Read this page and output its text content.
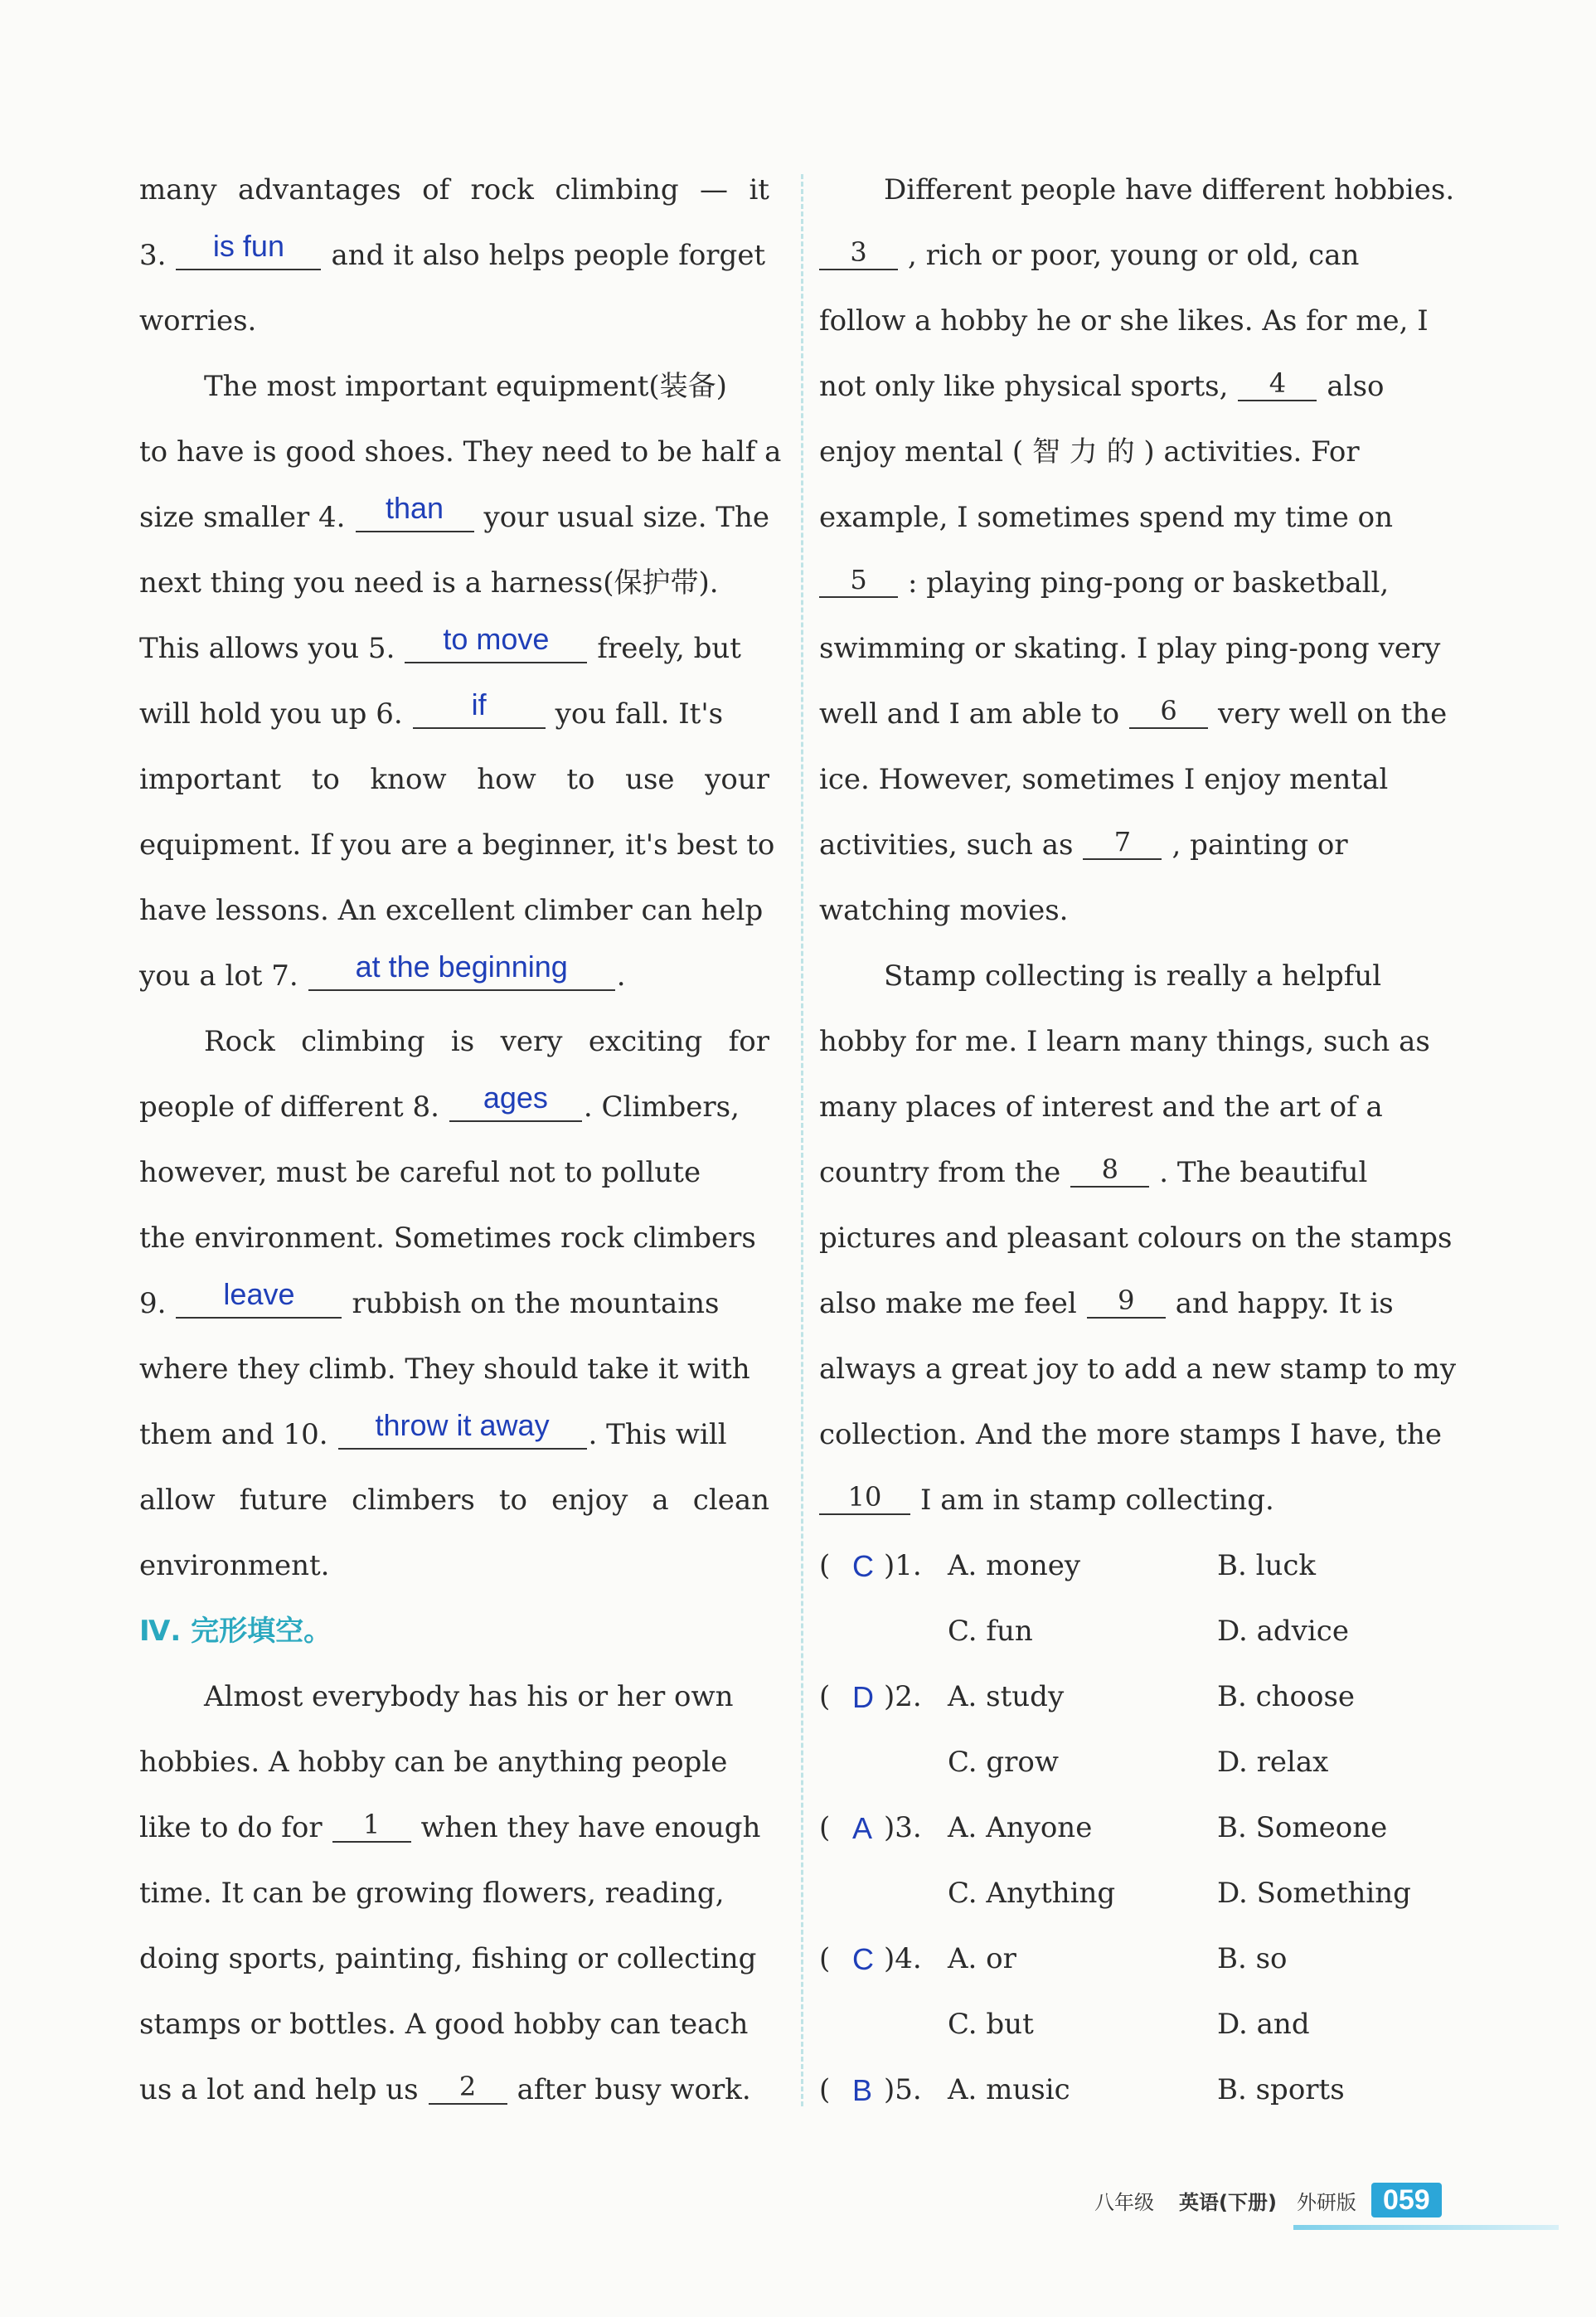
many advantages of rock climbing — it
3.	is fun	and it also helps people forget
worries.
The most important equipment(装备)
to have is good shoes. They need to be half a
size smaller 4.	than	your usual size. The
next thing you need is a harness(保护带).
This allows you 5.	to move	freely, but
will hold you up 6.	if	you fall. It's
important to know how to use your
equipment. If you are a beginner, it's best to
have lessons. An excellent climber can help
you a lot 7.	at the beginning	.
Rock climbing is very exciting for
people of different 8.	ages	. Climbers,
however, must be careful not to pollute
the environment. Sometimes rock climbers
9.	leave	rubbish on the mountains
where they climb. They should take it with
them and 10.	throw it away	. This will
allow future climbers to enjoy a clean
environment.
Ⅳ. 完形填空。
Almost everybody has his or her own
hobbies. A hobby can be anything people
like to do for	1	when they have enough
time. It can be growing flowers, reading,
doing sports, painting, fishing or collecting
stamps or bottles. A good hobby can teach
us a lot and help us	2	after busy work.
Different people have different hobbies.
3	, rich or poor, young or old, can
follow a hobby he or she likes. As for me, I
not only like physical sports,	4	also
enjoy mental ( 智 力 的 ) activities. For
example, I sometimes spend my time on
5	: playing ping-pong or basketball,
swimming or skating. I play ping-pong very
well and I am able to	6	very well on the
ice. However, sometimes I enjoy mental
activities, such as	7	, painting or
watching movies.
Stamp collecting is really a helpful
hobby for me. I learn many things, such as
many places of interest and the art of a
country from the	8	. The beautiful
pictures and pleasant colours on the stamps
also make me feel	9	and happy. It is
always a great joy to add a new stamp to my
collection. And the more stamps I have, the
10	I am in stamp collecting.
( C )1. A. money	B. luck
C. fun	D. advice
( D )2. A. study	B. choose
C. grow	D. relax
( A )3. A. Anyone	B. Someone
C. Anything	D. Something
( C )4. A. or	B. so
C. but	D. and
( B )5. A. music	B. sports
八年级 英语(下册) 外研版 059
